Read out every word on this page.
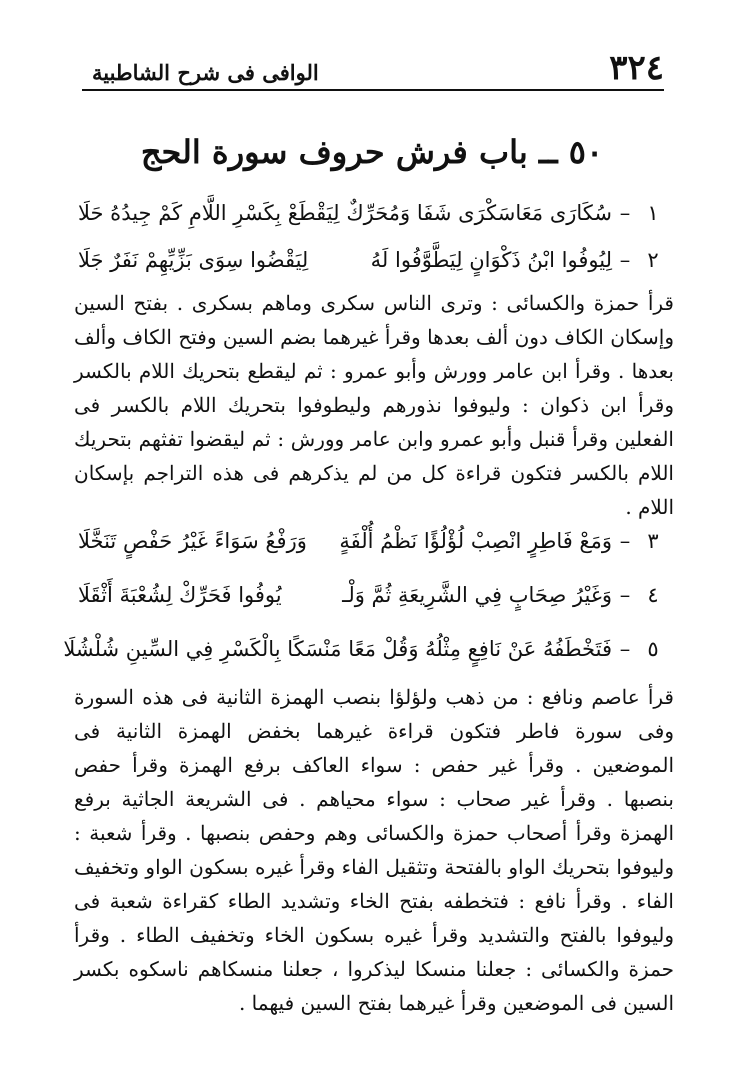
٣٢٤
الوافى فى شرح الشاطبية
٥٠ ــ باب فرش حروف سورة الحج
١
–
سُكَارَى مَعَاسَكْرَى شَفَا وَمُحَرِّكٌ
لِيَقْطَعْ بِكَسْرِ اللَّامِ كَمْ جِيدُهُ حَلَا
٢
–
لِيُوفُوا ابْنُ ذَكْوَانٍ لِيَطَّوَّفُوا لَهُ
لِيَقْضُوا سِوَى بَزِّيِّهِمْ نَفَرٌ جَلَا

قرأ حمزة والكسائى : وترى الناس سكرى وماهم بسكرى . بفتح السين وإسكان الكاف دون ألف بعدها وقرأ غيرهما بضم السين وفتح الكاف وألف بعدها . وقرأ ابن عامر وورش وأبو عمرو : ثم ليقطع بتحريك اللام بالكسر وقرأ ابن ذكوان : وليوفوا نذورهم وليطوفوا بتحريك اللام بالكسر فى الفعلين وقرأ قنبل وأبو عمرو وابن عامر وورش : ثم ليقضوا تفثهم بتحريك اللام بالكسر فتكون قراءة كل من لم يذكرهم فى هذه التراجم بإسكان اللام .

٣
–
وَمَعْ فَاطِرٍ انْصِبْ لُؤْلُؤًا نَظْمُ أُلْفَةٍ
وَرَفْعُ سَوَاءً غَيْرُ حَفْصٍ تَنَخَّلَا
٤
–
وَغَيْرُ صِحَابٍ فِي الشَّرِيعَةِ ثُمَّ وَلْـ
يُوفُوا فَحَرِّكْ لِشُعْبَةَ أَثْقَلَا
٥
–
فَتَخْطَفُهُ عَنْ نَافِعٍ مِثْلُهُ وَقُلْ
مَعًا مَنْسَكًا بِالْكَسْرِ فِي السِّينِ شُلْشُلَا

قرأ عاصم ونافع : من ذهب ولؤلؤا بنصب الهمزة الثانية فى هذه السورة وفى سورة فاطر فتكون قراءة غيرهما بخفض الهمزة الثانية فى الموضعين . وقرأ غير حفص : سواء العاكف برفع الهمزة وقرأ حفص بنصبها . وقرأ غير صحاب : سواء محياهم . فى الشريعة الجاثية برفع الهمزة وقرأ أصحاب حمزة والكسائى وهم وحفص بنصبها . وقرأ شعبة : وليوفوا بتحريك الواو بالفتحة وتثقيل الفاء وقرأ غيره بسكون الواو وتخفيف الفاء . وقرأ نافع : فتخطفه بفتح الخاء وتشديد الطاء كقراءة شعبة فى وليوفوا بالفتح والتشديد وقرأ غيره بسكون الخاء وتخفيف الطاء . وقرأ حمزة والكسائى : جعلنا منسكا ليذكروا ، جعلنا منسكاهم ناسكوه بكسر السين فى الموضعين وقرأ غيرهما بفتح السين فيهما .
